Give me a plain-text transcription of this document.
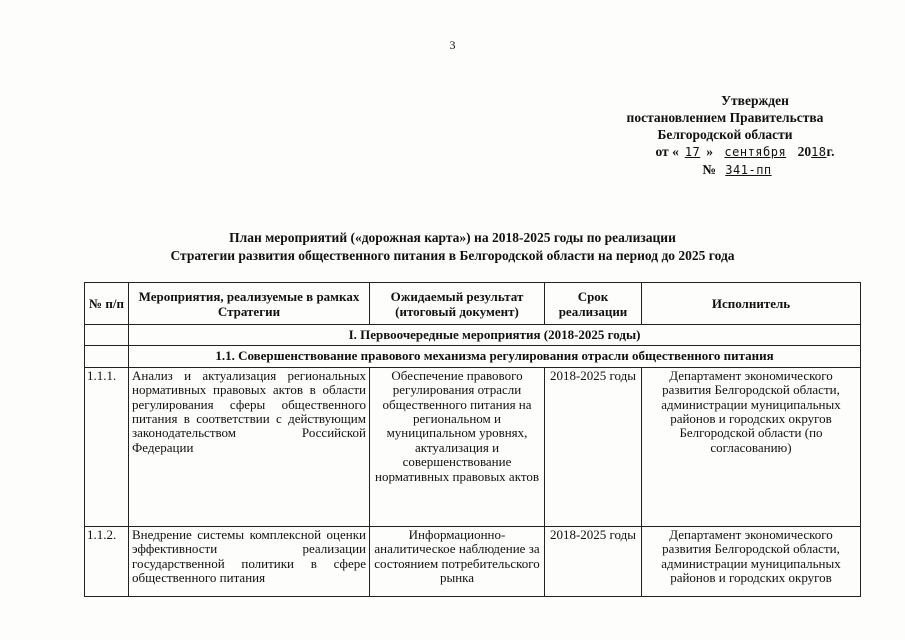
3
Утвержден
постановлением Правительства
Белгородской области
от « 17 » сентября 2018г.
№ 341-пп
План мероприятий («дорожная карта») на 2018-2025 годы по реализации
Стратегии развития общественного питания в Белгородской области на период до 2025 года
№ п/п	Мероприятия, реализуемые в рамках Стратегии	Ожидаемый результат (итоговый документ)	Срок реализации	Исполнитель
	I. Первоочередные мероприятия (2018-2025 годы)			
	1.1. Совершенствование правового механизма регулирования отрасли общественного питания			
1.1.1.	Анализ и актуализация региональных нормативных правовых актов в области регулирования сферы общественного питания в соответствии с действующим законодательством Российской Федерации	Обеспечение правового регулирования отрасли общественного питания на региональном и муниципальном уровнях, актуализация и совершенствование нормативных правовых актов	2018-2025 годы	Департамент экономического развития Белгородской области, администрации муниципальных районов и городских округов Белгородской области (по согласованию)
1.1.2.	Внедрение системы комплексной оценки эффективности реализации государственной политики в сфере общественного питания	Информационно-аналитическое наблюдение за состоянием потребительского рынка	2018-2025 годы	Департамент экономического развития Белгородской области, администрации муниципальных районов и городских округов
